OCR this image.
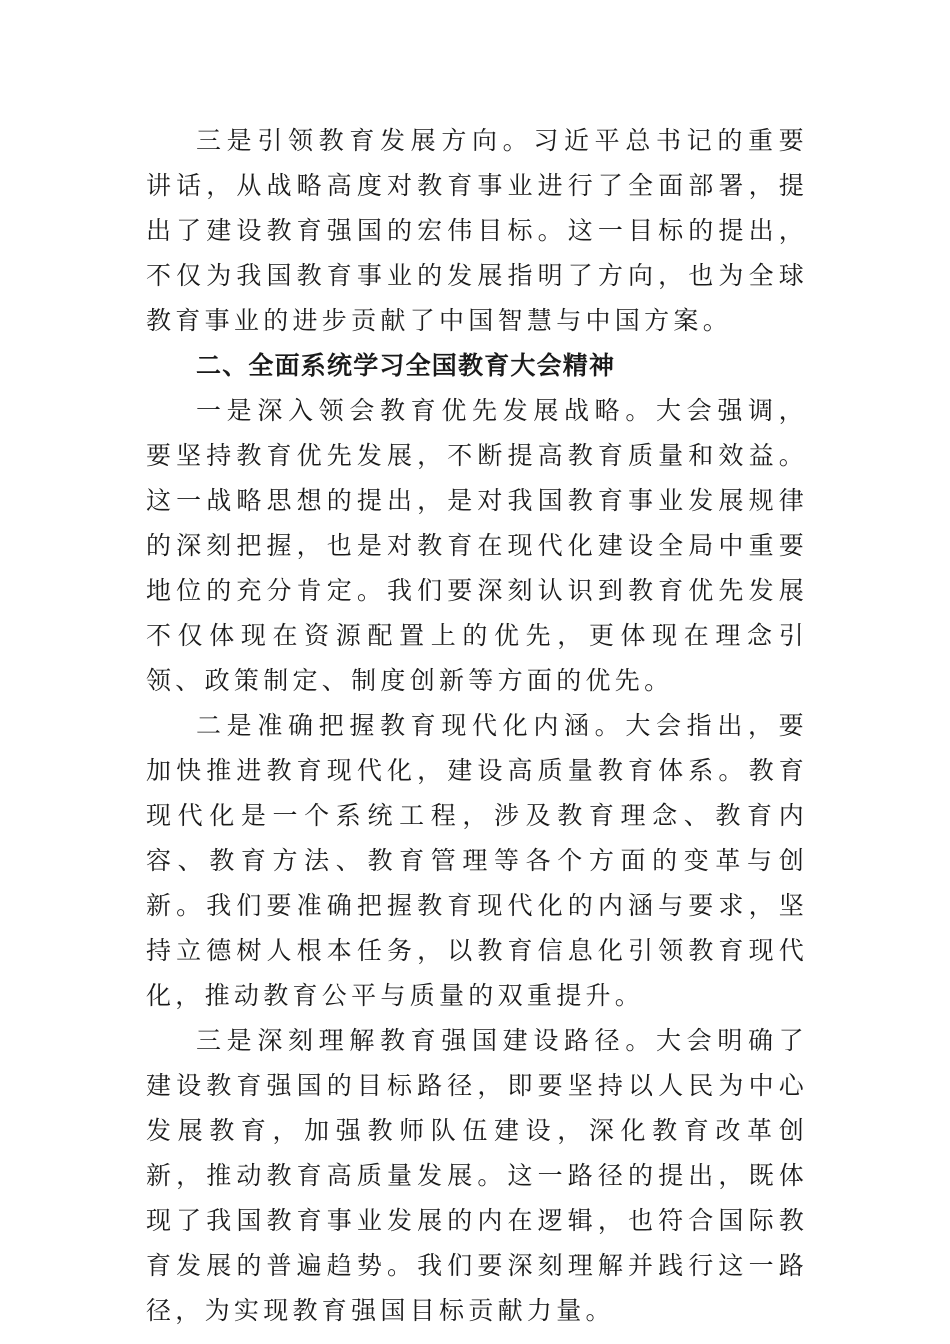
三是引领教育发展方向。习近平总书记的重要讲话，从战略高度对教育事业进行了全面部署，提出了建设教育强国的宏伟目标。这一目标的提出，不仅为我国教育事业的发展指明了方向，也为全球教育事业的进步贡献了中国智慧与中国方案。

二、全面系统学习全国教育大会精神

一是深入领会教育优先发展战略。大会强调，要坚持教育优先发展，不断提高教育质量和效益。这一战略思想的提出，是对我国教育事业发展规律的深刻把握，也是对教育在现代化建设全局中重要地位的充分肯定。我们要深刻认识到教育优先发展不仅体现在资源配置上的优先，更体现在理念引领、政策制定、制度创新等方面的优先。

二是准确把握教育现代化内涵。大会指出，要加快推进教育现代化，建设高质量教育体系。教育现代化是一个系统工程，涉及教育理念、教育内容、教育方法、教育管理等各个方面的变革与创新。我们要准确把握教育现代化的内涵与要求，坚持立德树人根本任务，以教育信息化引领教育现代化，推动教育公平与质量的双重提升。

三是深刻理解教育强国建设路径。大会明确了建设教育强国的目标路径，即要坚持以人民为中心发展教育，加强教师队伍建设，深化教育改革创新，推动教育高质量发展。这一路径的提出，既体现了我国教育事业发展的内在逻辑，也符合国际教育发展的普遍趋势。我们要深刻理解并践行这一路径，为实现教育强国目标贡献力量。
